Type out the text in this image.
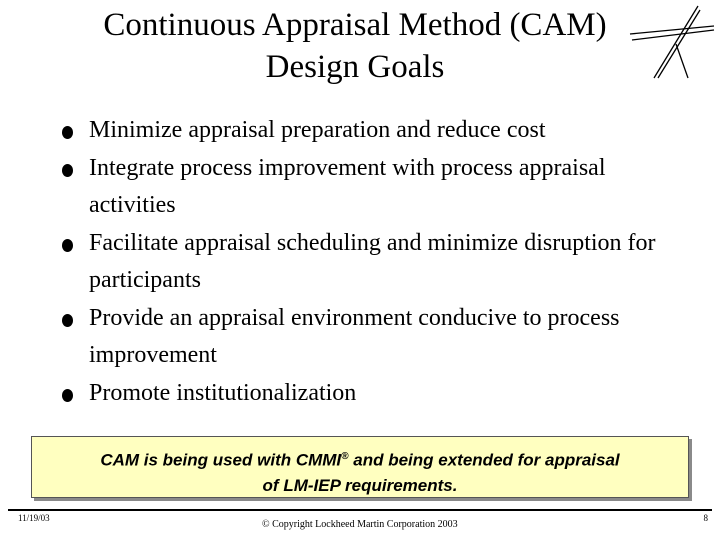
Continuous Appraisal Method (CAM)
Design Goals
Minimize appraisal preparation and reduce cost
Integrate process improvement with process appraisal activities
Facilitate appraisal scheduling and minimize disruption for participants
Provide an appraisal environment conducive to process improvement
Promote institutionalization
CAM is being used with CMMI® and being extended for appraisal
of LM-IEP requirements.
11/19/03
© Copyright Lockheed Martin Corporation 2003
8
